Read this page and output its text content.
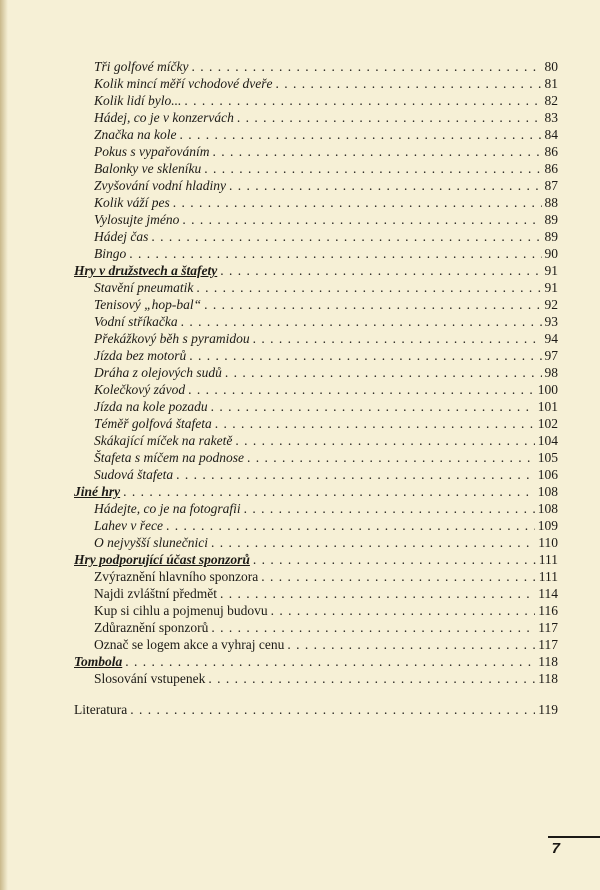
Tři golfové míčky . . .	80
Kolik mincí měří vchodové dveře . . .	81
Kolik lidí bylo... . . .	82
Hádej, co je v konzervách . . .	83
Značka na kole . . .	84
Pokus s vypařováním . . .	86
Balonky ve skleníku . . .	86
Zvyšování vodní hladiny . . .	87
Kolik váží pes . . .	88
Vylosujte jméno . . .	89
Hádej čas . . .	89
Bingo . . .	90
Hry v družstvech a štafety . . .	91
Stavění pneumatik . . .	91
Tenisový „hop-bal“ . . .	92
Vodní stříkačka . . .	93
Překážkový běh s pyramidou . . .	94
Jízda bez motorů . . .	97
Dráha z olejových sudů . . .	98
Kolečkový závod . . .	100
Jízda na kole pozadu . . .	101
Téměř golfová štafeta . . .	102
Skákající míček na raketě . . .	104
Štafeta s míčem na podnose . . .	105
Sudová štafeta . . .	106
Jiné hry . . .	108
Hádejte, co je na fotografii . . .	108
Lahev v řece . . .	109
O nejvyšší slunečnici . . .	110
Hry podporující účast sponzorů . . .	111
Zvýraznění hlavního sponzora . . .	111
Najdi zvláštní předmět . . .	114
Kup si cihlu a pojmenuj budovu . . .	116
Zdůraznění sponzorů . . .	117
Označ se logem akce a vyhraj cenu . . .	117
Tombola . . .	118
Slosování vstupenek . . .	118
Literatura . . .	119
7
